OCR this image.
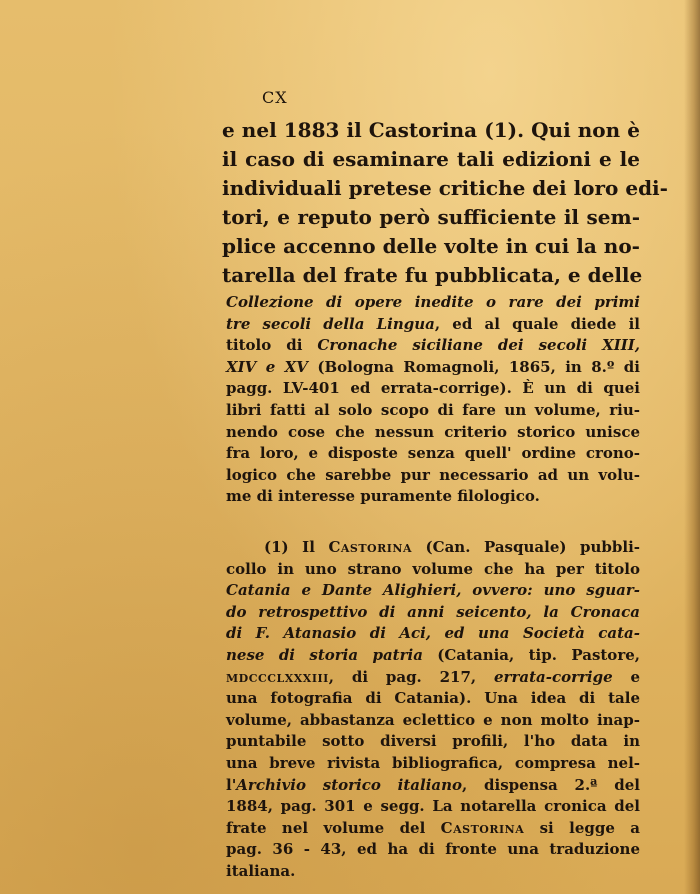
CX
e nel 1883 il Castorina (1). Qui non è
il caso di esaminare tali edizioni e le
individuali pretese critiche dei loro edi-
tori, e reputo però sufficiente il sem-
plice accenno delle volte in cui la no-
tarella del frate fu pubblicata, e delle
Collezione di opere inedite o rare dei primi
tre secoli della Lingua, ed al quale diede il
titolo di Cronache siciliane dei secoli XIII,
XIV e XV (Bologna Romagnoli, 1865, in 8.º di
pagg. LV-401 ed errata-corrige). È un di quei
libri fatti al solo scopo di fare un volume, riu-
nendo cose che nessun criterio storico unisce
fra loro, e disposte senza quell' ordine crono-
logico che sarebbe pur necessario ad un volu-
me di interesse puramente filologico.
(1) Il Castorina (Can. Pasquale) pubbli-
collo in uno strano volume che ha per titolo
Catania e Dante Alighieri, ovvero: uno sguar-
do retrospettivo di anni seicento, la Cronaca
di F. Atanasio di Aci, ed una Società cata-
nese di storia patria (Catania, tip. Pastore,
mdccclxxxiii, di pag. 217, errata-corrige e
una fotografia di Catania). Una idea di tale
volume, abbastanza eclettico e non molto inap-
puntabile sotto diversi profili, l'ho data in
una breve rivista bibliografica, compresa nel-
l'Archivio storico italiano, dispensa 2.ª del
1884, pag. 301 e segg. La notarella cronica del
frate nel volume del Castorina si legge a
pag. 36 - 43, ed ha di fronte una traduzione
italiana.
